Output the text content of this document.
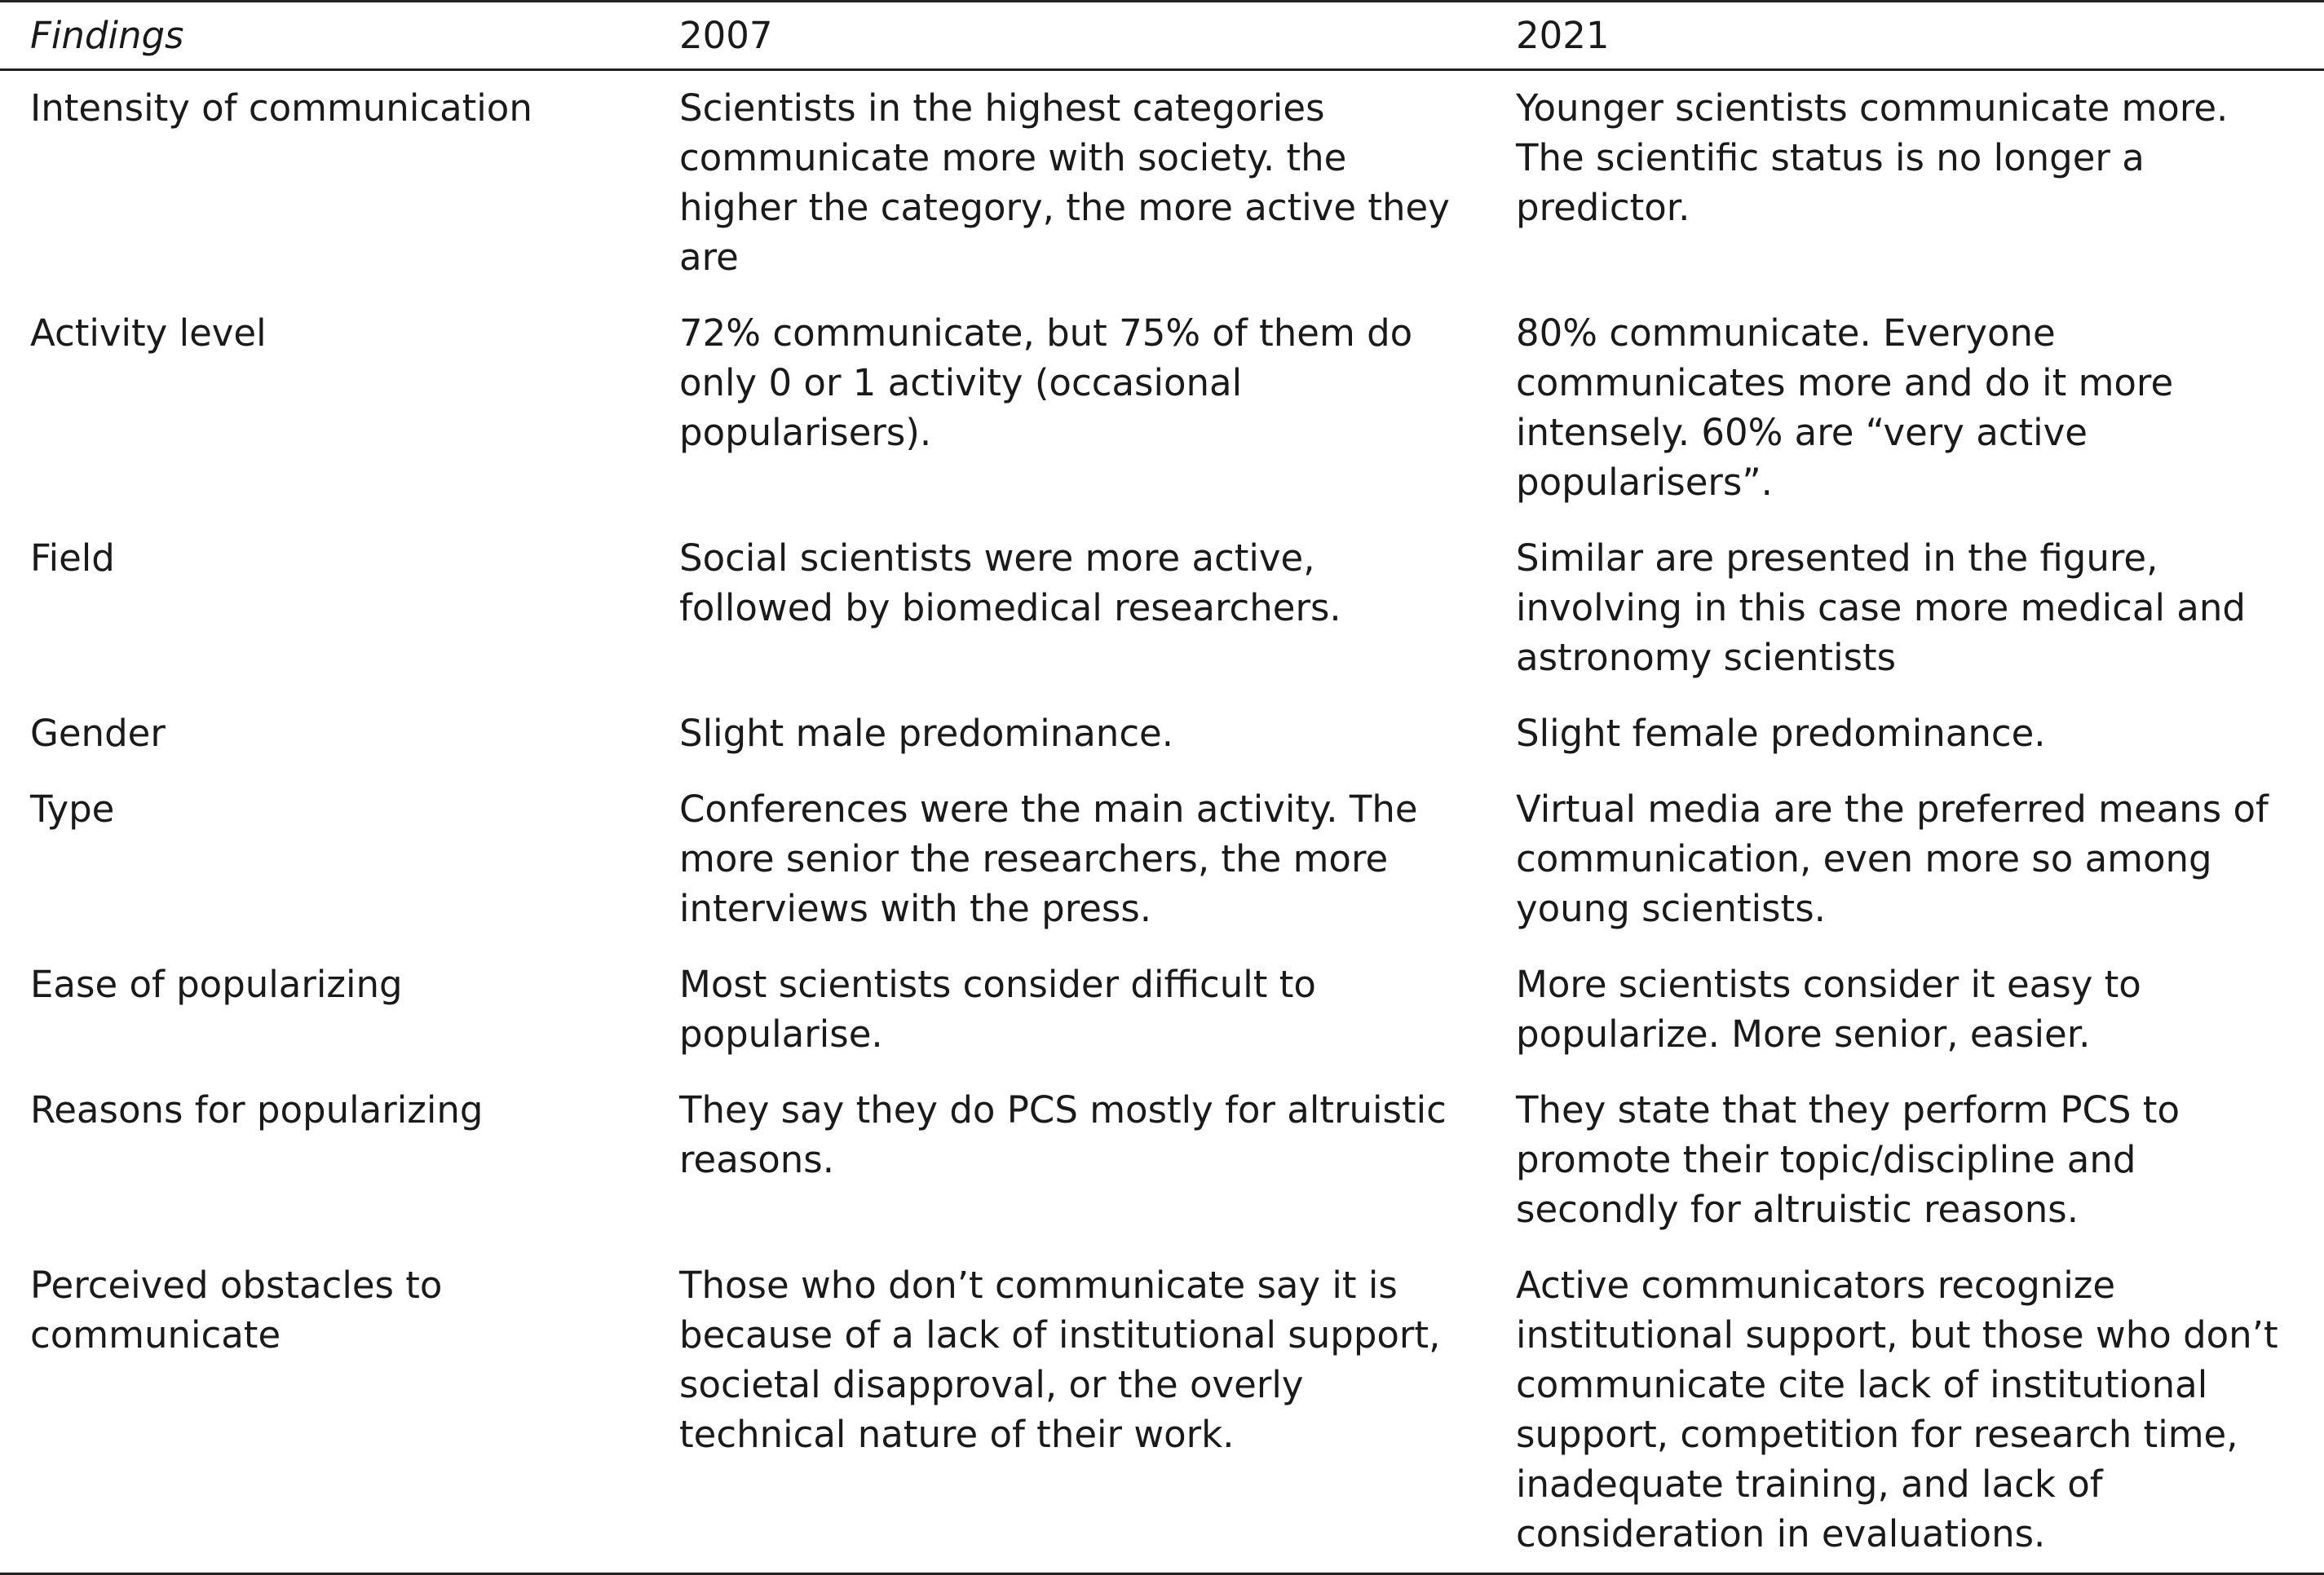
Findings	2007	2021
Intensity of communication	Scientists in the highest categories communicate more with society. the higher the category, the more active they are	Younger scientists communicate more. The scientific status is no longer a predictor.
Activity level	72% communicate, but 75% of them do only 0 or 1 activity (occasional popularisers).	80% communicate. Everyone communicates more and do it more intensely. 60% are “very active popularisers”.
Field	Social scientists were more active, followed by biomedical researchers.	Similar are presented in the figure, involving in this case more medical and astronomy scientists
Gender	Slight male predominance.	Slight female predominance.
Type	Conferences were the main activity. The more senior the researchers, the more interviews with the press.	Virtual media are the preferred means of communication, even more so among young scientists.
Ease of popularizing	Most scientists consider difficult to popularise.	More scientists consider it easy to popularize. More senior, easier.
Reasons for popularizing	They say they do PCS mostly for altruistic reasons.	They state that they perform PCS to promote their topic/discipline and secondly for altruistic reasons.
Perceived obstacles to communicate	Those who don’t communicate say it is because of a lack of institutional support, societal disapproval, or the overly technical nature of their work.	Active communicators recognize institutional support, but those who don’t communicate cite lack of institutional support, competition for research time, inadequate training, and lack of consideration in evaluations.
